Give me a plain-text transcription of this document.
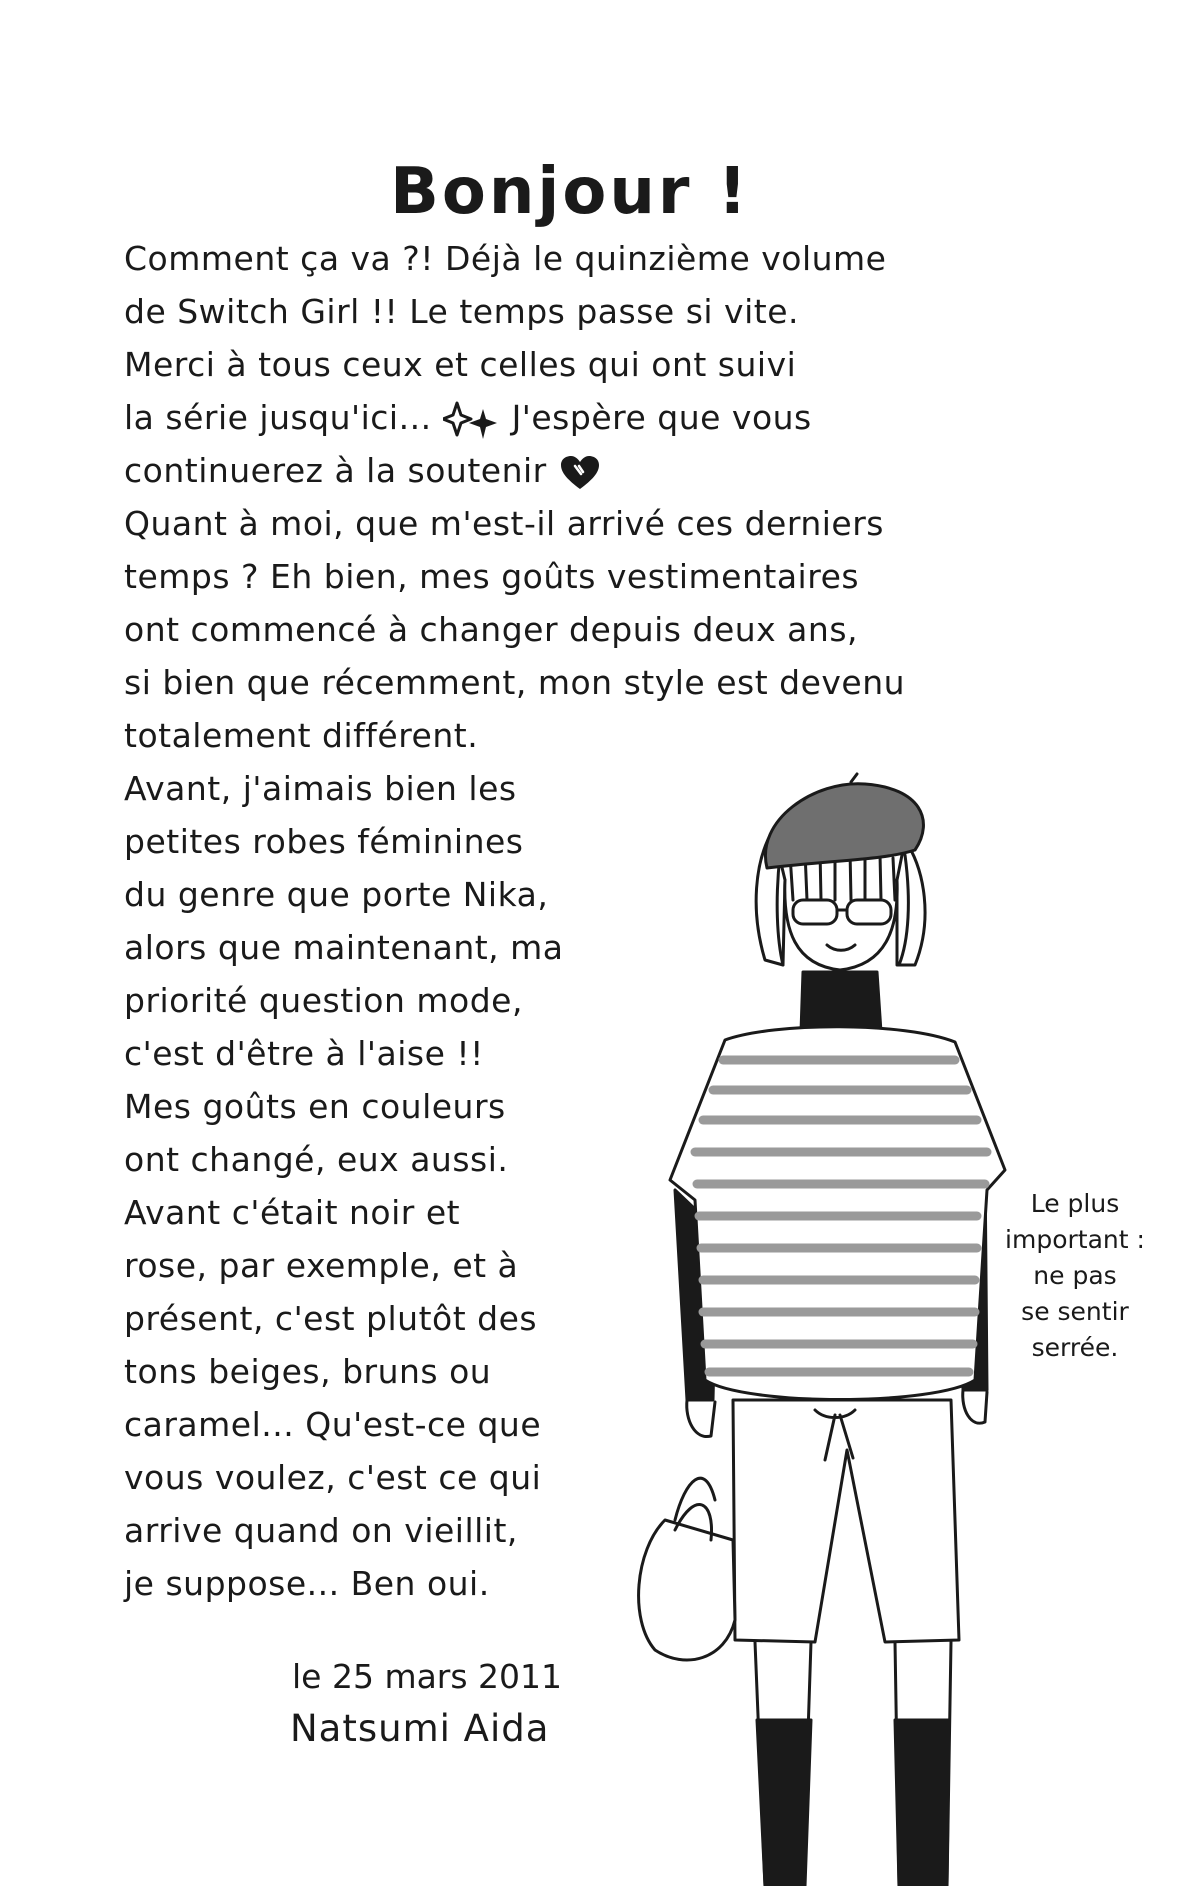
Bonjour !
Comment ça va ?! Déjà le quinzième volume
de Switch Girl !! Le temps passe si vite.
Merci à tous ceux et celles qui ont suivi
la série jusqu'ici... J'espère que vous
continuerez à la soutenir
Quant à moi, que m'est-il arrivé ces derniers
temps ? Eh bien, mes goûts vestimentaires
ont commencé à changer depuis deux ans,
si bien que récemment, mon style est devenu
totalement différent.
Avant, j'aimais bien les
petites robes féminines
du genre que porte Nika,
alors que maintenant, ma
priorité question mode,
c'est d'être à l'aise !!
Mes goûts en couleurs
ont changé, eux aussi.
Avant c'était noir et
rose, par exemple, et à
présent, c'est plutôt des
tons beiges, bruns ou
caramel... Qu'est-ce que
vous voulez, c'est ce qui
arrive quand on vieillit,
je suppose... Ben oui.
le 25 mars 2011
Natsumi Aida
Le plus
important :
ne pas
se sentir
serrée.
